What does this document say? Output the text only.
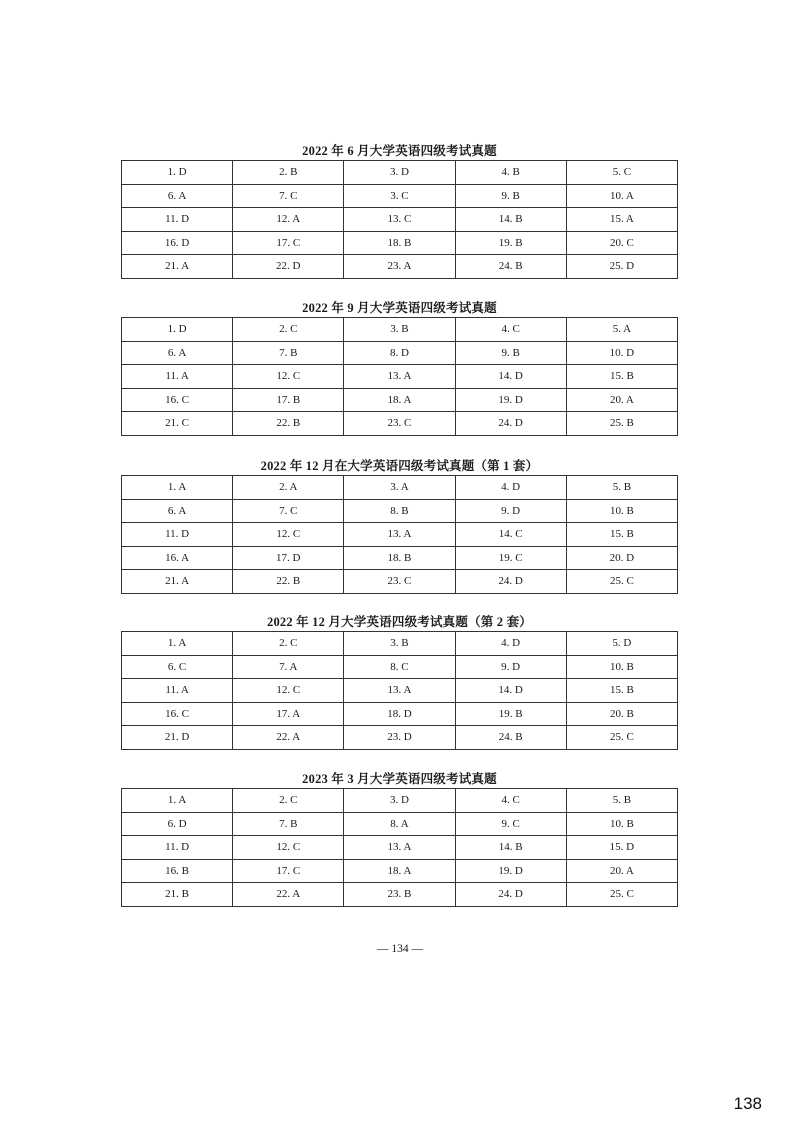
2022 年 6 月大学英语四级考试真题
1. D	2. B	3. D	4. B	5. C
6. A	7. C	3. C	9. B	10. A
11. D	12. A	13. C	14. B	15. A
16. D	17. C	18. B	19. B	20. C
21. A	22. D	23. A	24. B	25. D
2022 年 9 月大学英语四级考试真题
1. D	2. C	3. B	4. C	5. A
6. A	7. B	8. D	9. B	10. D
11. A	12. C	13. A	14. D	15. B
16. C	17. B	18. A	19. D	20. A
21. C	22. B	23. C	24. D	25. B
2022 年 12 月在大学英语四级考试真题（第 1 套）
1. A	2. A	3. A	4. D	5. B
6. A	7. C	8. B	9. D	10. B
11. D	12. C	13. A	14. C	15. B
16. A	17. D	18. B	19. C	20. D
21. A	22. B	23. C	24. D	25. C
2022 年 12 月大学英语四级考试真题（第 2 套）
1. A	2. C	3. B	4. D	5. D
6. C	7. A	8. C	9. D	10. B
11. A	12. C	13. A	14. D	15. B
16. C	17. A	18. D	19. B	20. B
21. D	22. A	23. D	24. B	25. C
2023 年 3 月大学英语四级考试真题
1. A	2. C	3. D	4. C	5. B
6. D	7. B	8. A	9. C	10. B
11. D	12. C	13. A	14. B	15. D
16. B	17. C	18. A	19. D	20. A
21. B	22. A	23. B	24. D	25. C
— 134 —
138
